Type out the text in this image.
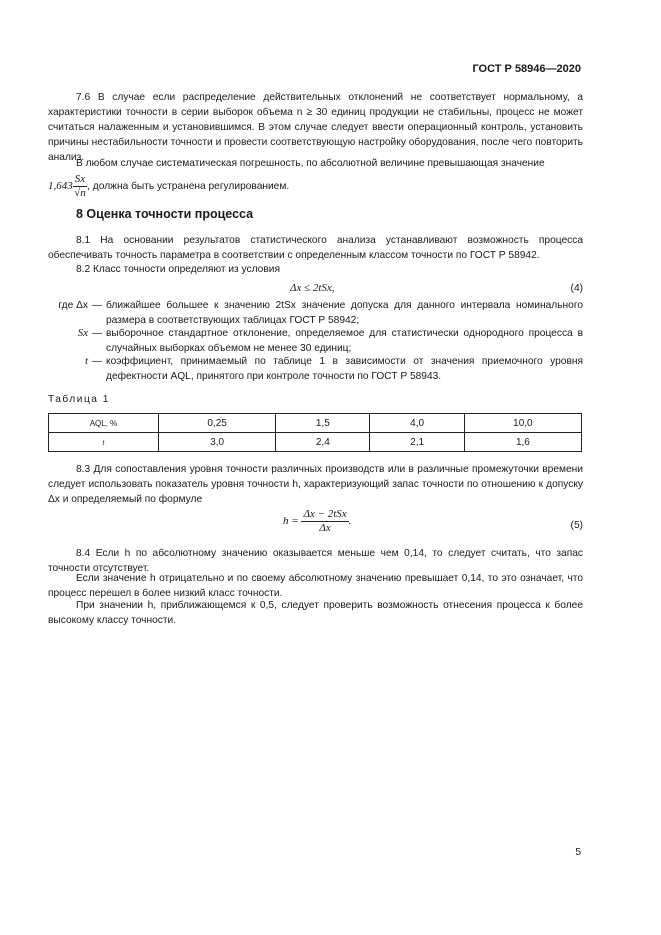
ГОСТ Р 58946—2020
7.6 В случае если распределение действительных отклонений не соответствует нормальному, а характеристики точности в серии выборок объема n ≥ 30 единиц продукции не стабильны, процесс не может считаться налаженным и установившимся. В этом случае следует ввести операционный контроль, установить причины нестабильности точности и провести соответствующую настройку оборудования, после чего повторить анализ.
В любом случае систематическая погрешность, по абсолютной величине превышающая значение
$1,643 \frac{Sx}{√n}$ , должна быть устранена регулированием.
8 Оценка точности процесса
8.1 На основании результатов статистического анализа устанавливают возможность процесса обеспечивать точность параметра в соответствии с определенным классом точности по ГОСТ Р 58942.
8.2 Класс точности определяют из условия
Δx ≤ 2tSx,	(4)
где Δx — ближайшее большее к значению 2tSx значение допуска для данного интервала номинального размера в соответствующих таблицах ГОСТ Р 58942;
Sx — выборочное стандартное отклонение, определяемое для статистически однородного процесса в случайных выборках объемом не менее 30 единиц;
t — коэффициент, принимаемый по таблице 1 в зависимости от значения приемочного уровня дефектности AQL, принятого при контроле точности по ГОСТ Р 58943.
Таблица 1
AQL, %	0,25	1,5	4,0	10,0
t	3,0	2,4	2,1	1,6
8.3 Для сопоставления уровня точности различных производств или в различные промежуточки времени следует использовать показатель уровня точности h, характеризующий запас точности по отношению к допуску Δx и определяемый по формуле
$h = \frac{\text{Δx − 2tSx}}{\Delta x}$ .	(5)
8.4 Если h по абсолютному значению оказывается меньше чем 0,14, то следует считать, что запас точности отсутствует.
Если значение h отрицательно и по своему абсолютному значению превышает 0,14, то это означает, что процесс перешел в более низкий класс точности.
При значении h, приближающемся к 0,5, следует проверить возможность отнесения процесса к более высокому классу точности.
5
